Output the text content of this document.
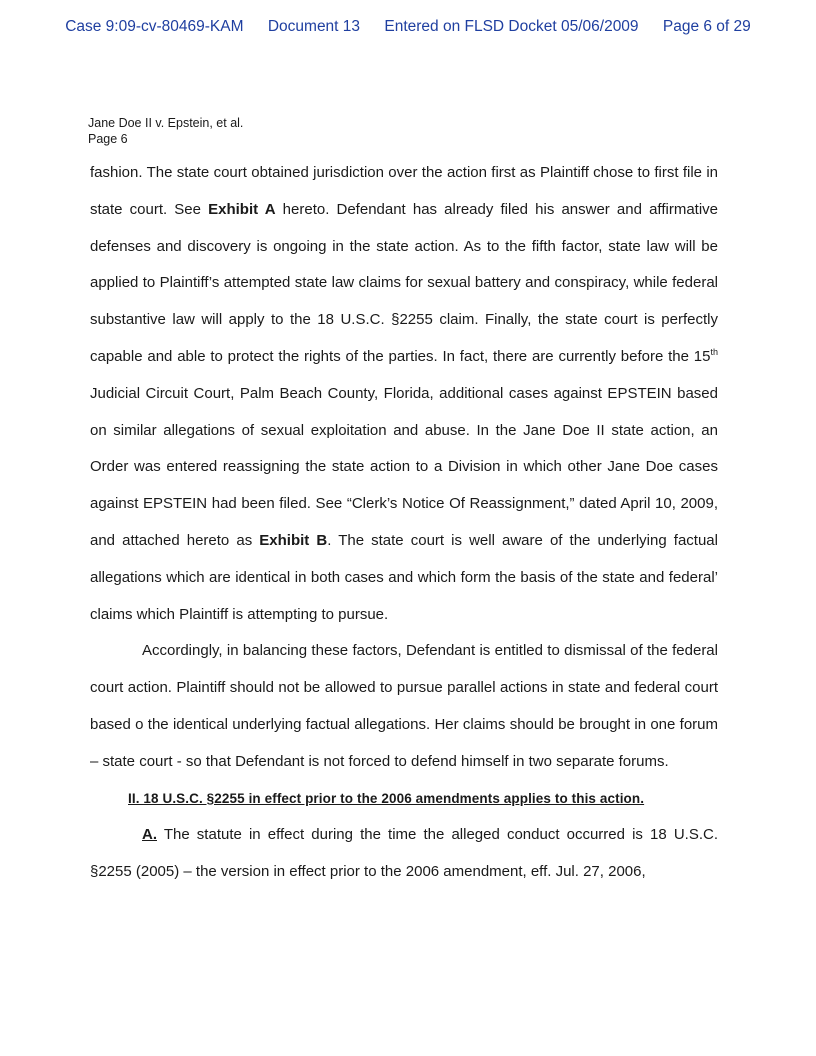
Case 9:09-cv-80469-KAM Document 13 Entered on FLSD Docket 05/06/2009 Page 6 of 29
Jane Doe II v. Epstein, et al.
Page 6

fashion. The state court obtained jurisdiction over the action first as Plaintiff chose to first file in state court. See Exhibit A hereto. Defendant has already filed his answer and affirmative defenses and discovery is ongoing in the state action. As to the fifth factor, state law will be applied to Plaintiff’s attempted state law claims for sexual battery and conspiracy, while federal substantive law will apply to the 18 U.S.C. §2255 claim. Finally, the state court is perfectly capable and able to protect the rights of the parties. In fact, there are currently before the 15th Judicial Circuit Court, Palm Beach County, Florida, additional cases against EPSTEIN based on similar allegations of sexual exploitation and abuse. In the Jane Doe II state action, an Order was entered reassigning the state action to a Division in which other Jane Doe cases against EPSTEIN had been filed. See “Clerk’s Notice Of Reassignment,” dated April 10, 2009, and attached hereto as Exhibit B. The state court is well aware of the underlying factual allegations which are identical in both cases and which form the basis of the state and federal’ claims which Plaintiff is attempting to pursue.

Accordingly, in balancing these factors, Defendant is entitled to dismissal of the federal court action. Plaintiff should not be allowed to pursue parallel actions in state and federal court based o the identical underlying factual allegations. Her claims should be brought in one forum – state court - so that Defendant is not forced to defend himself in two separate forums.

II. 18 U.S.C. §2255 in effect prior to the 2006 amendments applies to this action.

A. The statute in effect during the time the alleged conduct occurred is 18 U.S.C. §2255 (2005) – the version in effect prior to the 2006 amendment, eff. Jul. 27, 2006,
